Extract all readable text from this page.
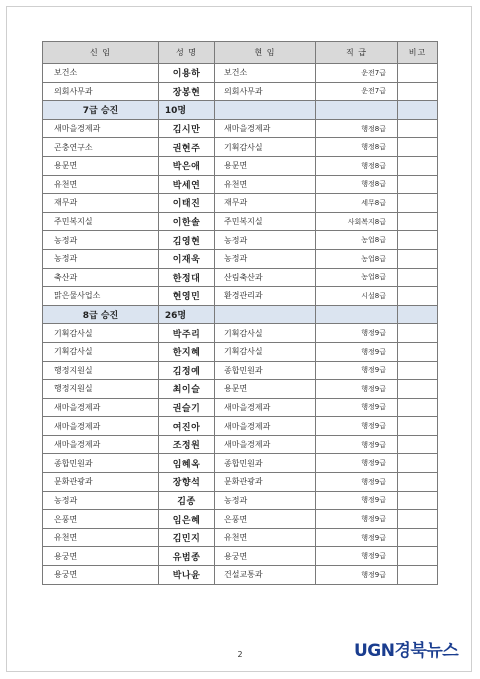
신 임	성 명	현 임	직 급	비고
보건소	이용하	보건소	운전7급	
의회사무과	장봉현	의회사무과	운전7급	
7급 승진	10명			
새마을경제과	김시만	새마을경제과	행정8급	
곤충연구소	권현주	기획감사실	행정8급	
용문면	박은애	용문면	행정8급	
유천면	박세연	유천면	행정8급	
재무과	이태진	재무과	세무8급	
주민복지실	이한솔	주민복지실	사회복지8급	
농정과	김영현	농정과	농업8급	
농정과	이재욱	농정과	농업8급	
축산과	한정대	산림축산과	농업8급	
맑은물사업소	현영민	환경관리과	시설8급	
8급 승진	26명			
기획감사실	박주리	기획감사실	행정9급	
기획감사실	한지혜	기획감사실	행정9급	
행정지원실	김정예	종합민원과	행정9급	
행정지원실	최이슬	용문면	행정9급	
새마을경제과	권슬기	새마을경제과	행정9급	
새마을경제과	여진아	새마을경제과	행정9급	
새마을경제과	조정원	새마을경제과	행정9급	
종합민원과	임혜옥	종합민원과	행정9급	
문화관광과	장향석	문화관광과	행정9급	
농정과	김종	농정과	행정9급	
은풍면	임은혜	은풍면	행정9급	
유천면	김민지	유천면	행정9급	
용궁면	유범종	용궁면	행정9급	
용궁면	박나윤	건설교통과	행정9급	
2	UGN경북뉴스
